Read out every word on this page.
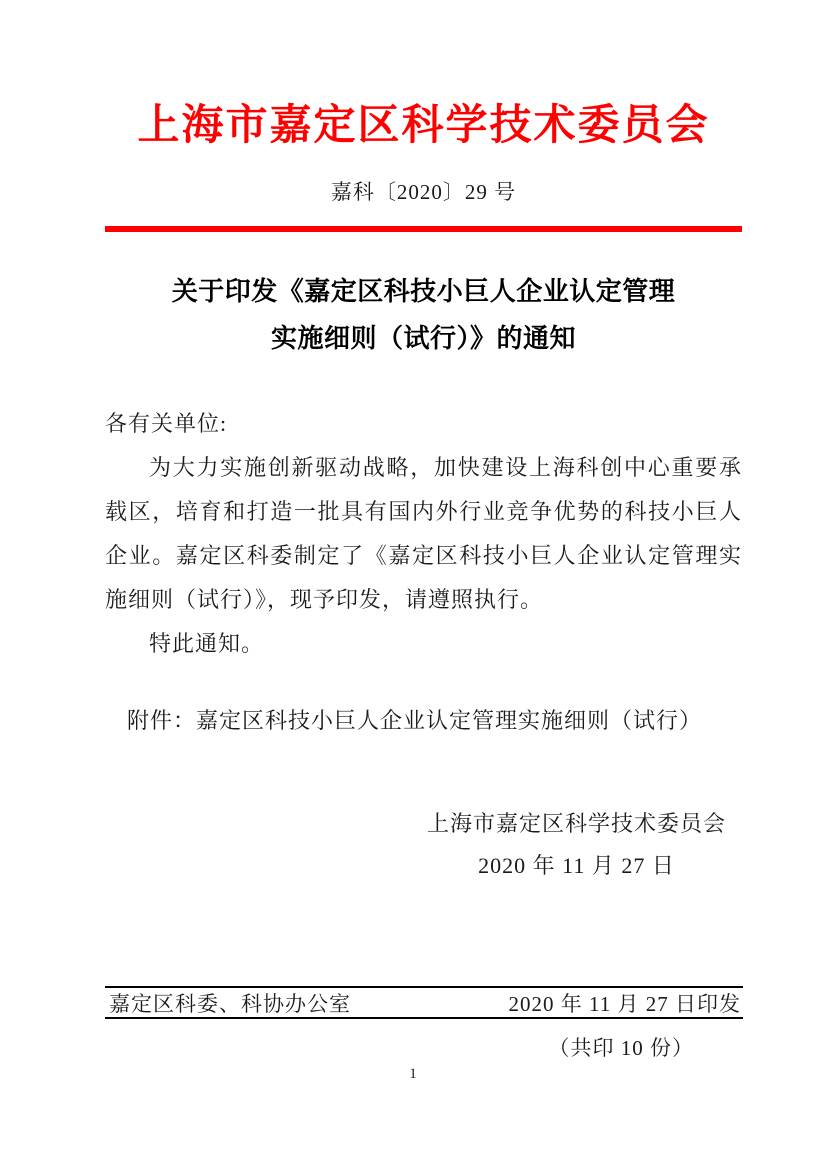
上海市嘉定区科学技术委员会
嘉科〔2020〕29 号
关于印发《嘉定区科技小巨人企业认定管理
实施细则（试行）》的通知
各有关单位:
为大力实施创新驱动战略，加快建设上海科创中心重要承载区，培育和打造一批具有国内外行业竞争优势的科技小巨人企业。嘉定区科委制定了《嘉定区科技小巨人企业认定管理实施细则（试行）》，现予印发，请遵照执行。
特此通知。
附件：嘉定区科技小巨人企业认定管理实施细则（试行）
上海市嘉定区科学技术委员会
2020 年 11 月 27 日
嘉定区科委、科协办公室	2020 年 11 月 27 日印发
（共印 10 份）
1
